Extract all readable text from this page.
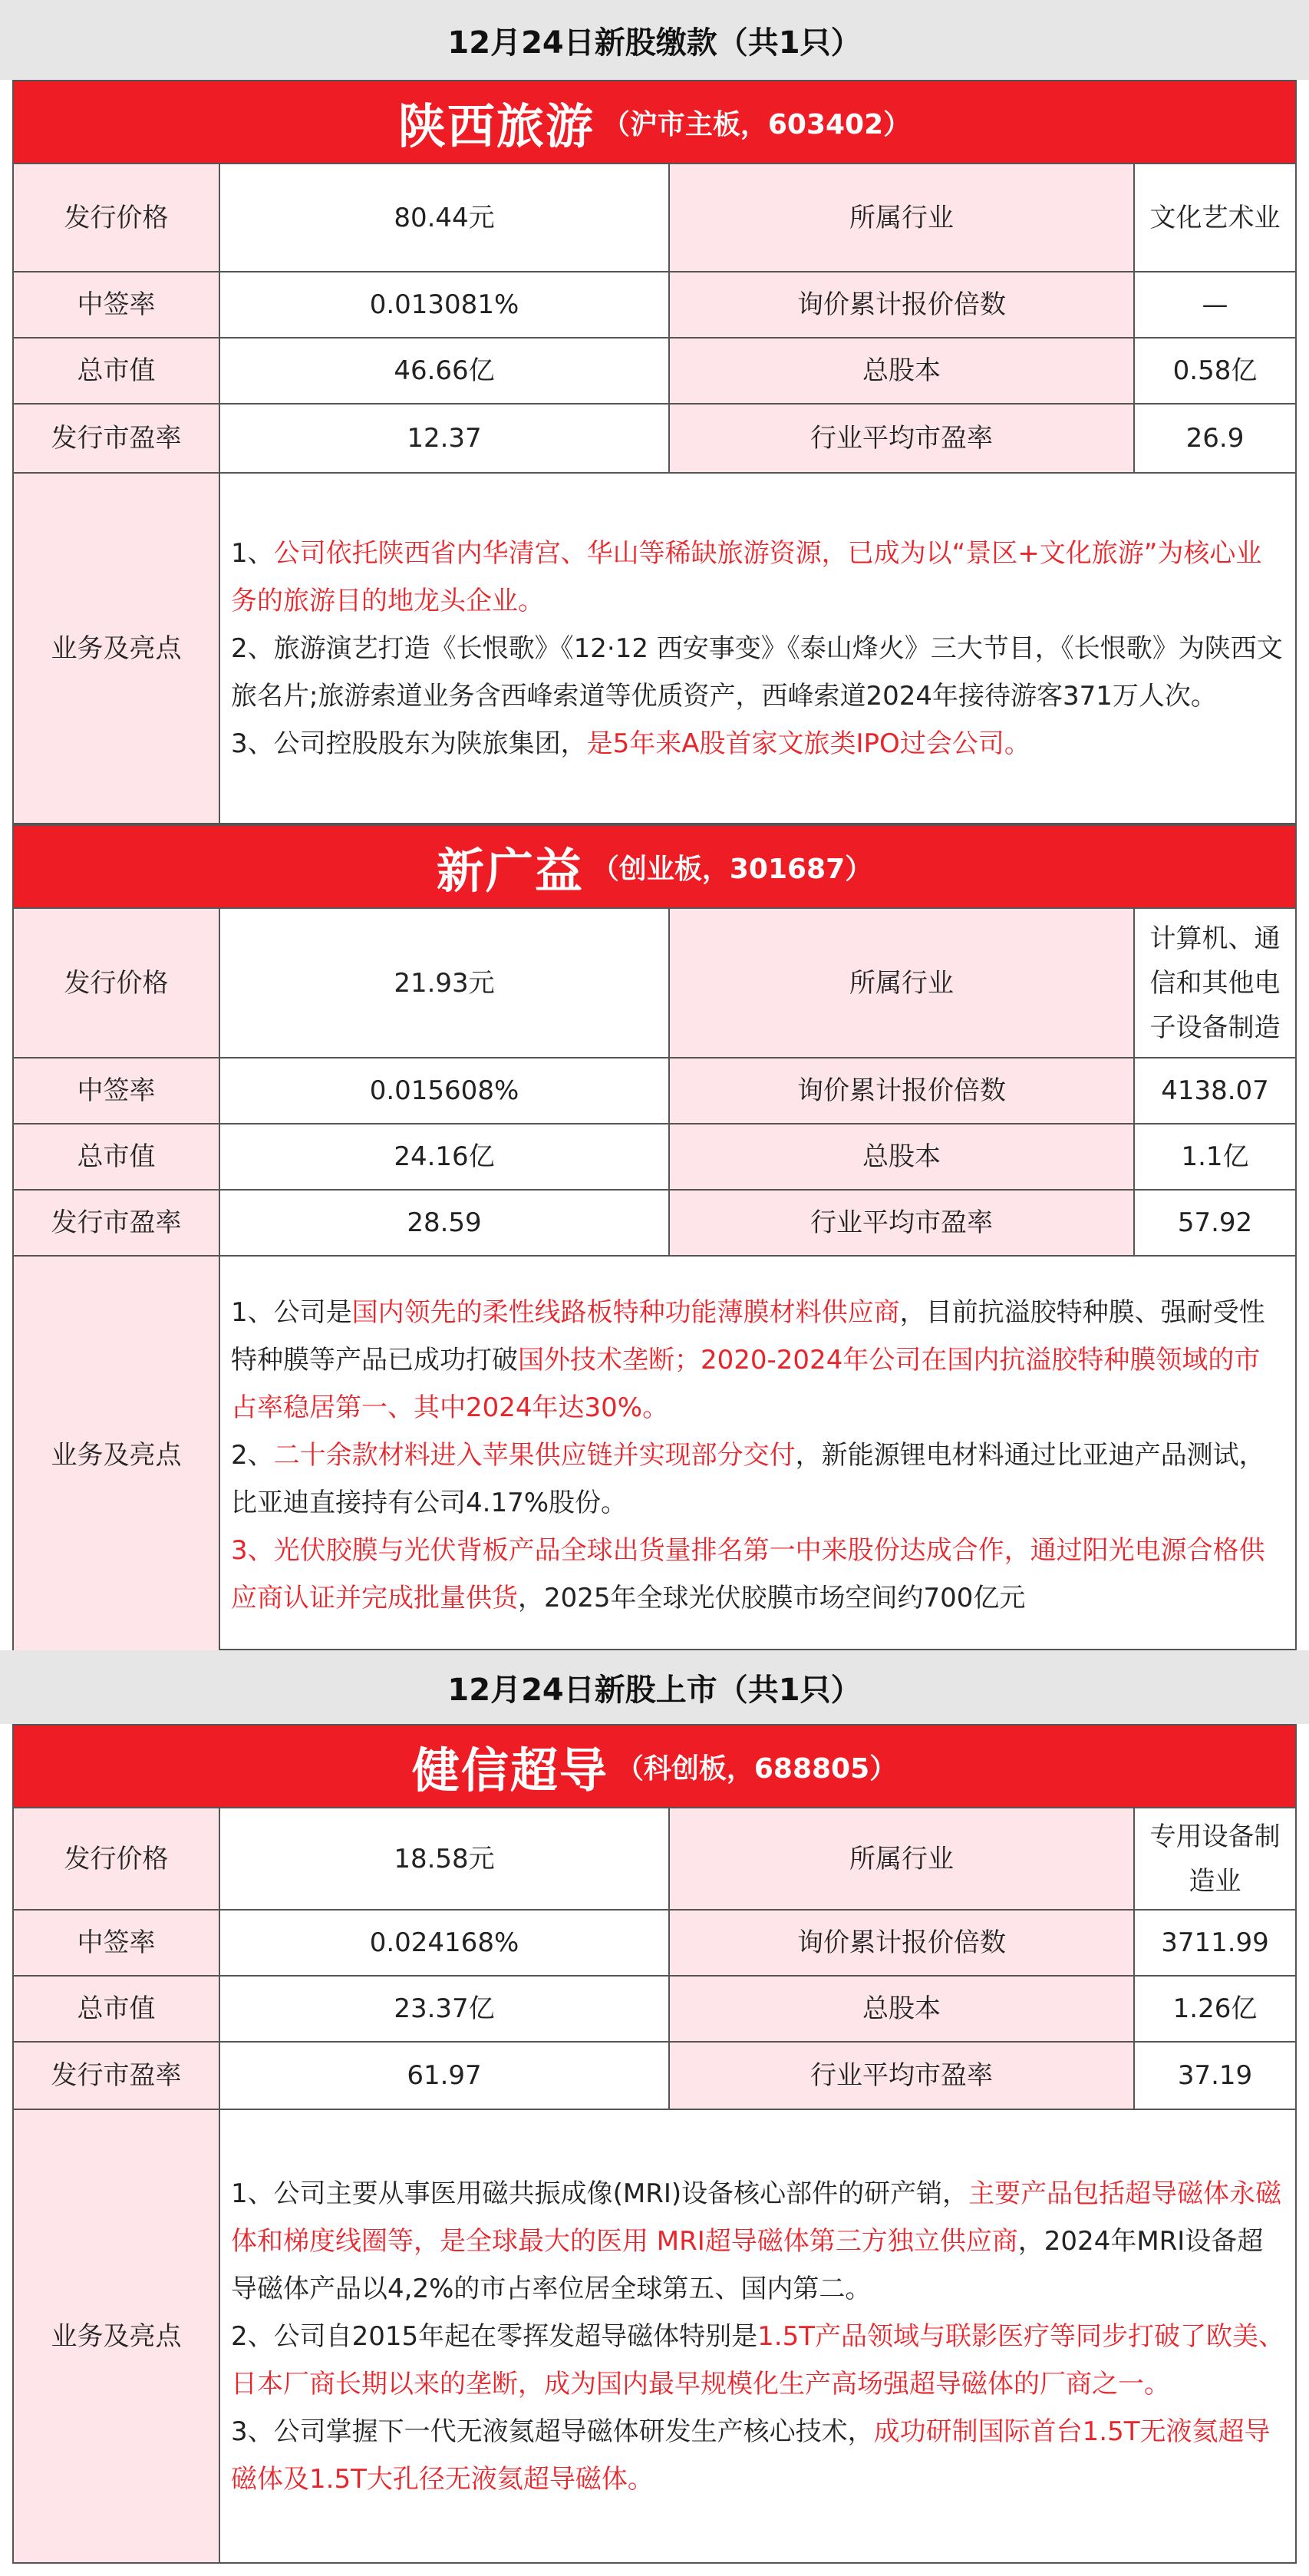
12月24日新股缴款（共1只）
陕西旅游 （沪市主板，603402）
发行价格	80.44元	所属行业	文化艺术业
中签率	0.013081%	询价累计报价倍数	—
总市值	46.66亿	总股本	0.58亿
发行市盈率	12.37	行业平均市盈率	26.9
业务及亮点	1、公司依托陕西省内华清宫、华山等稀缺旅游资源，已成为以“景区+文化旅游”为核心业务的旅游目的地龙头企业。

2、旅游演艺打造《长恨歌》《12·12 西安事变》《泰山烽火》三大节目，《长恨歌》为陕西文旅名片;旅游索道业务含西峰索道等优质资产，西峰索道2024年接待游客371万人次。

3、公司控股股东为陕旅集团，是5年来A股首家文旅类IPO过会公司。		

新广益 （创业板，301687）
发行价格	21.93元	所属行业	计算机、通信和其他电子设备制造
中签率	0.015608%	询价累计报价倍数	4138.07
总市值	24.16亿	总股本	1.1亿
发行市盈率	28.59	行业平均市盈率	57.92
业务及亮点	1、公司是国内领先的柔性线路板特种功能薄膜材料供应商，目前抗溢胶特种膜、强耐受性特种膜等产品已成功打破国外技术垄断；2020-2024年公司在国内抗溢胶特种膜领域的市占率稳居第一、其中2024年达30%。

2、二十余款材料进入苹果供应链并实现部分交付，新能源锂电材料通过比亚迪产品测试，比亚迪直接持有公司4.17%股份。

3、光伏胶膜与光伏背板产品全球出货量排名第一中来股份达成合作，通过阳光电源合格供应商认证并完成批量供货，2025年全球光伏胶膜市场空间约700亿元		

12月24日新股上市（共1只）
健信超导 （科创板，688805）
发行价格	18.58元	所属行业	专用设备制造业
中签率	0.024168%	询价累计报价倍数	3711.99
总市值	23.37亿	总股本	1.26亿
发行市盈率	61.97	行业平均市盈率	37.19
业务及亮点	1、公司主要从事医用磁共振成像(MRI)设备核心部件的研产销，主要产品包括超导磁体永磁体和梯度线圈等，是全球最大的医用 MRI超导磁体第三方独立供应商，2024年MRI设备超导磁体产品以4,2%的市占率位居全球第五、国内第二。

2、公司自2015年起在零挥发超导磁体特别是1.5T产品领域与联影医疗等同步打破了欧美、日本厂商长期以来的垄断，成为国内最早规模化生产高场强超导磁体的厂商之一。

3、公司掌握下一代无液氦超导磁体研发生产核心技术，成功研制国际首台1.5T无液氦超导磁体及1.5T大孔径无液氦超导磁体。		
